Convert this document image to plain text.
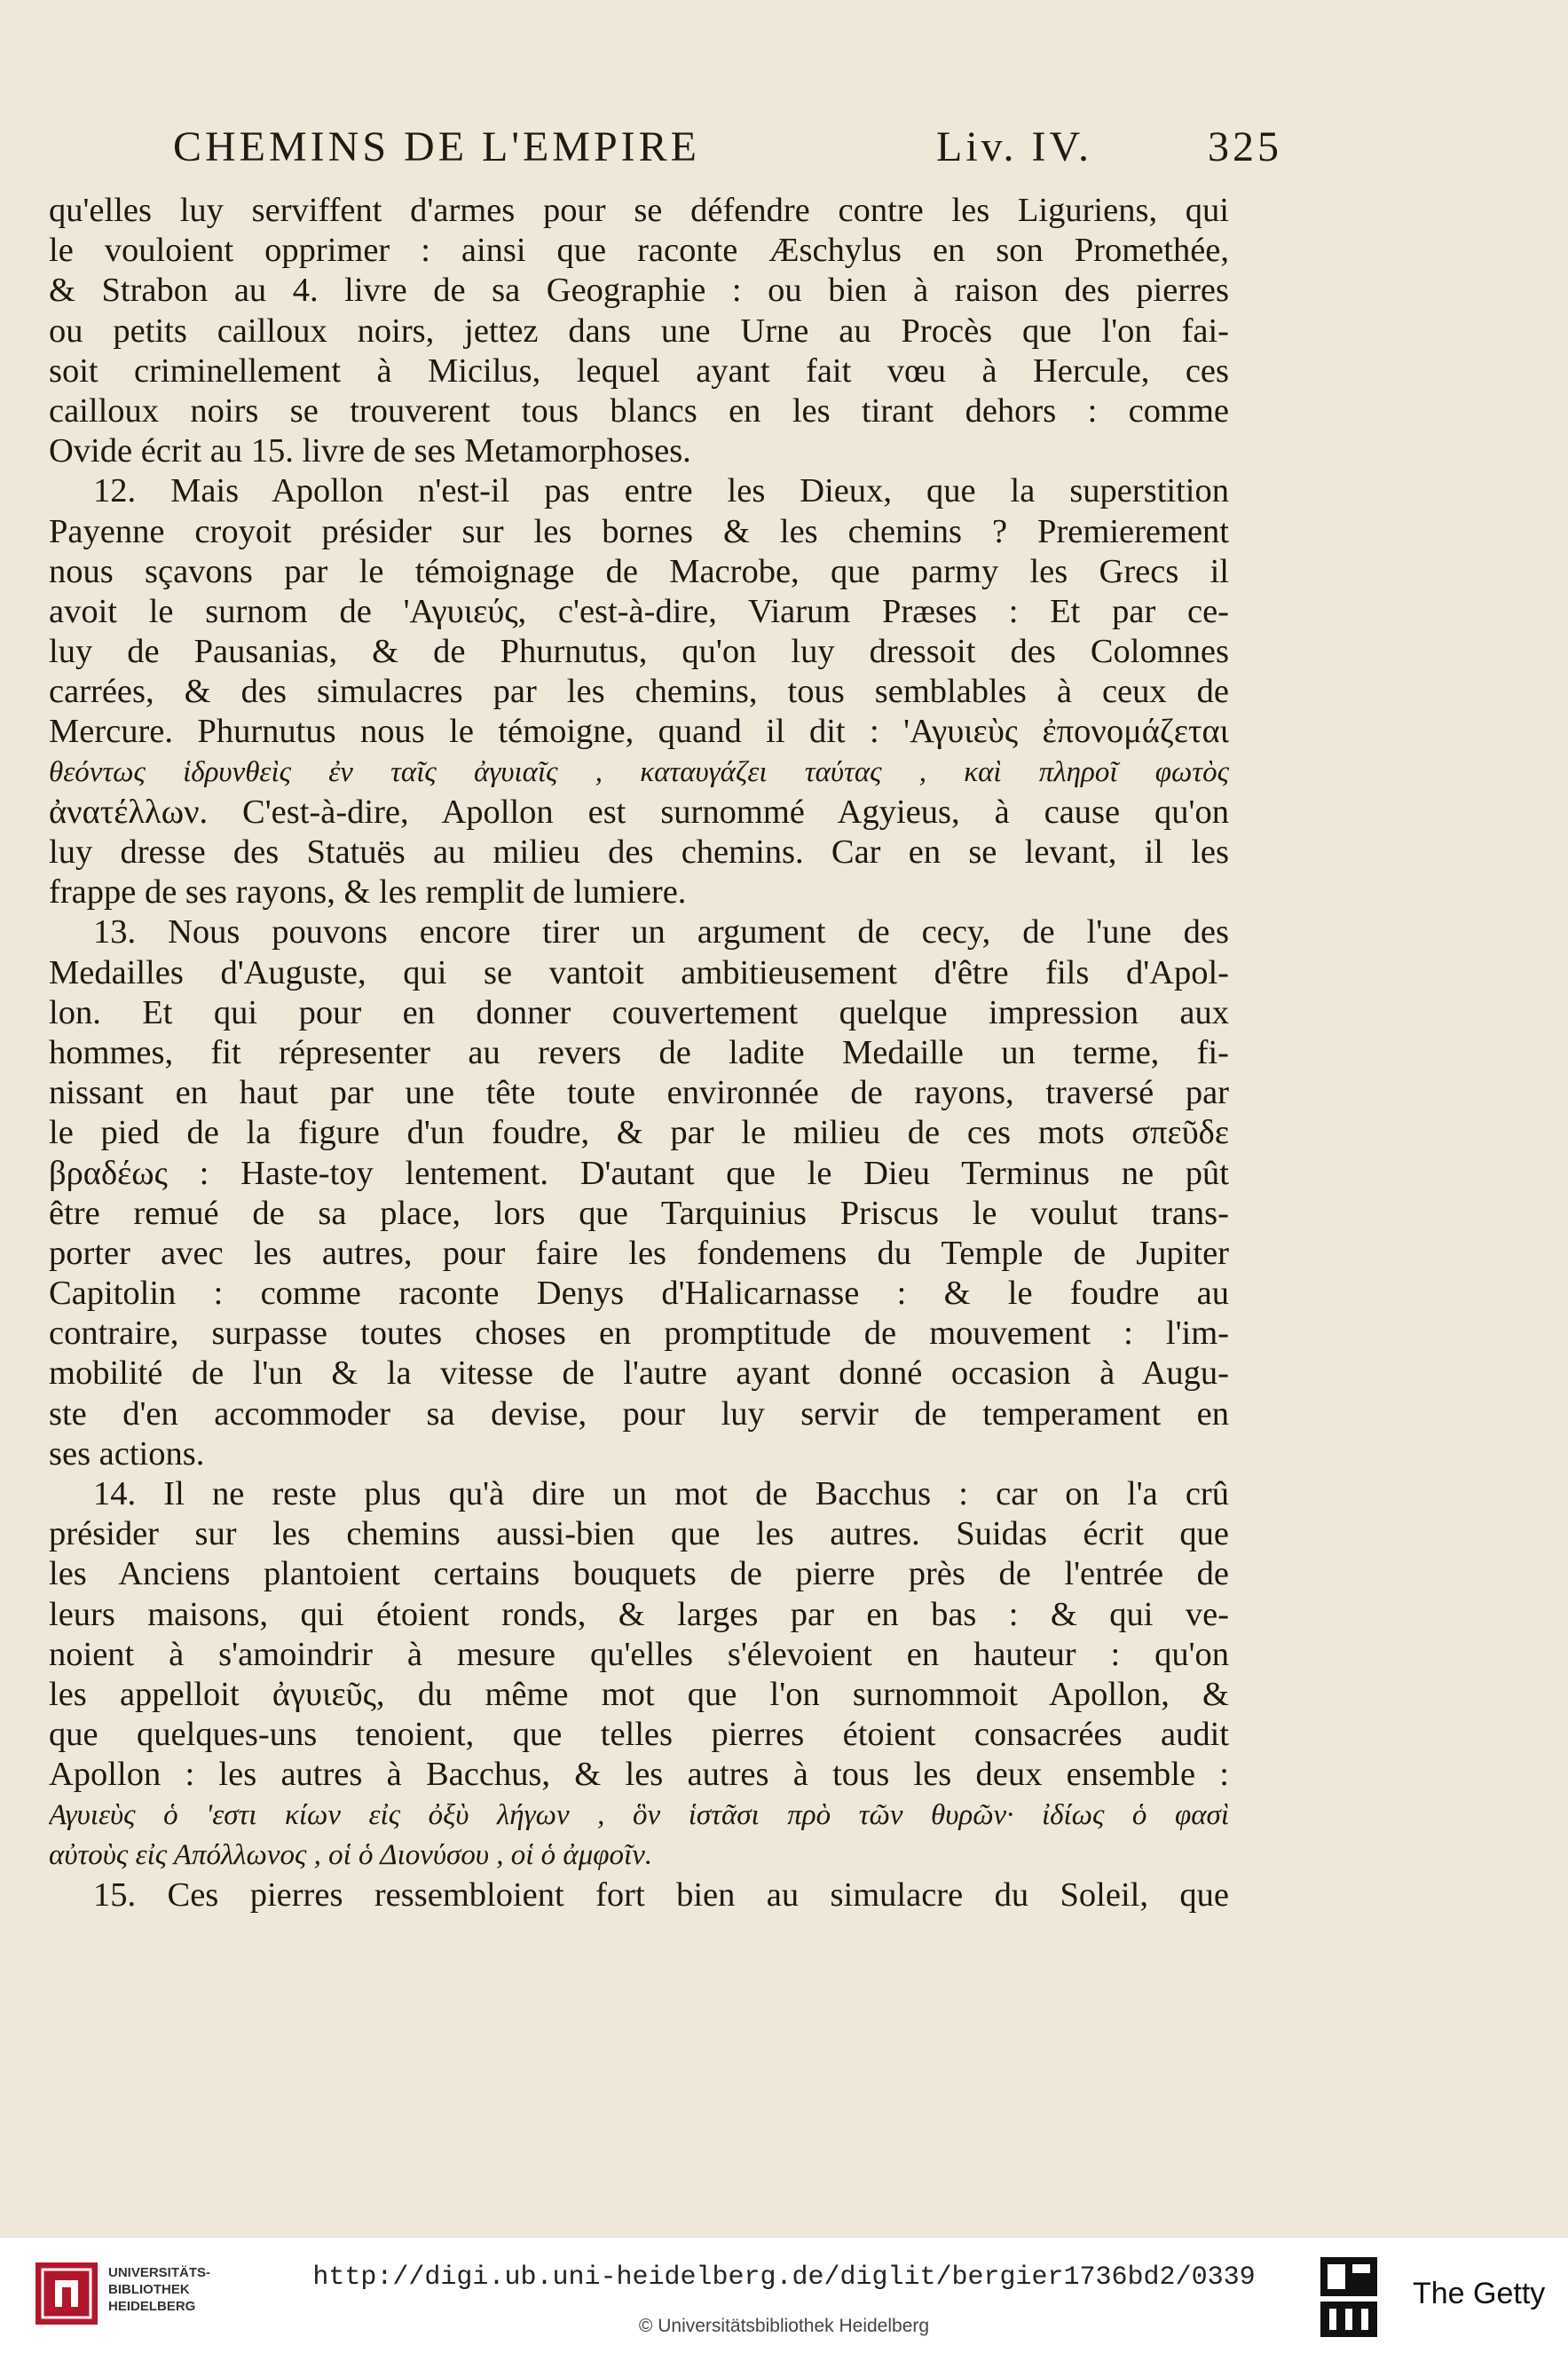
CHEMINS DE L'EMPIRE	Liv. IV.	325
qu'elles luy serviffent d'armes pour se défendre contre les Liguriens, qui
le vouloient opprimer : ainsi que raconte Æschylus en son Promethée,
& Strabon au 4. livre de sa Geographie : ou bien à raison des pierres
ou petits cailloux noirs, jettez dans une Urne au Procès que l'on fai-
soit criminellement à Micilus, lequel ayant fait vœu à Hercule, ces
cailloux noirs se trouverent tous blancs en les tirant dehors : comme
Ovide écrit au 15. livre de ses Metamorphoses.
12. Mais Apollon n'est-il pas entre les Dieux, que la superstition
Payenne croyoit présider sur les bornes & les chemins ? Premierement
nous sçavons par le témoignage de Macrobe, que parmy les Grecs il
avoit le surnom de 'Αγυιεύς, c'est-à-dire, Viarum Præses : Et par ce-
luy de Pausanias, & de Phurnutus, qu'on luy dressoit des Colomnes
carrées, & des simulacres par les chemins, tous semblables à ceux de
Mercure. Phurnutus nous le témoigne, quand il dit : 'Αγυιεὺς ἐπονομάζεται
θεόντως ἱδρυνθεὶς ἐν ταῖς ἀγυιαῖς , καταυγάζει ταύτας , καὶ πληροῖ φωτὸς
ἀνατέλλων. C'est-à-dire, Apollon est surnommé Agyieus, à cause qu'on
luy dresse des Statuës au milieu des chemins. Car en se levant, il les
frappe de ses rayons, & les remplit de lumiere.
13. Nous pouvons encore tirer un argument de cecy, de l'une des
Medailles d'Auguste, qui se vantoit ambitieusement d'être fils d'Apol-
lon. Et qui pour en donner couvertement quelque impression aux
hommes, fit répresenter au revers de ladite Medaille un terme, fi-
nissant en haut par une tête toute environnée de rayons, traversé par
le pied de la figure d'un foudre, & par le milieu de ces mots σπεῦδε
βραδέως : Haste-toy lentement. D'autant que le Dieu Terminus ne pût
être remué de sa place, lors que Tarquinius Priscus le voulut trans-
porter avec les autres, pour faire les fondemens du Temple de Jupiter
Capitolin : comme raconte Denys d'Halicarnasse : & le foudre au
contraire, surpasse toutes choses en promptitude de mouvement : l'im-
mobilité de l'un & la vitesse de l'autre ayant donné occasion à Augu-
ste d'en accommoder sa devise, pour luy servir de temperament en
ses actions.
14. Il ne reste plus qu'à dire un mot de Bacchus : car on l'a crû
présider sur les chemins aussi-bien que les autres. Suidas écrit que
les Anciens plantoient certains bouquets de pierre près de l'entrée de
leurs maisons, qui étoient ronds, & larges par en bas : & qui ve-
noient à s'amoindrir à mesure qu'elles s'élevoient en hauteur : qu'on
les appelloit ἀγυιεῦς, du même mot que l'on surnommoit Apollon, &
que quelques-uns tenoient, que telles pierres étoient consacrées audit
Apollon : les autres à Bacchus, & les autres à tous les deux ensemble :
Αγυιεὺς ὁ 'εστι κίων εἰς ὀξὺ λήγων , ὃν ἱστᾶσι πρὸ τῶν θυρῶν· ἰδίως ὁ φασὶ
αὐτοὺς εἰς Απόλλωνος , οἱ ὁ Διονύσου , οἱ ὁ ἀμφοῖν.
15. Ces pierres ressembloient fort bien au simulacre du Soleil, que
UNIVERSITÄTS-
BIBLIOTHEK
HEIDELBERG
http://digi.ub.uni-heidelberg.de/diglit/bergier1736bd2/0339
© Universitätsbibliothek Heidelberg
The Getty
